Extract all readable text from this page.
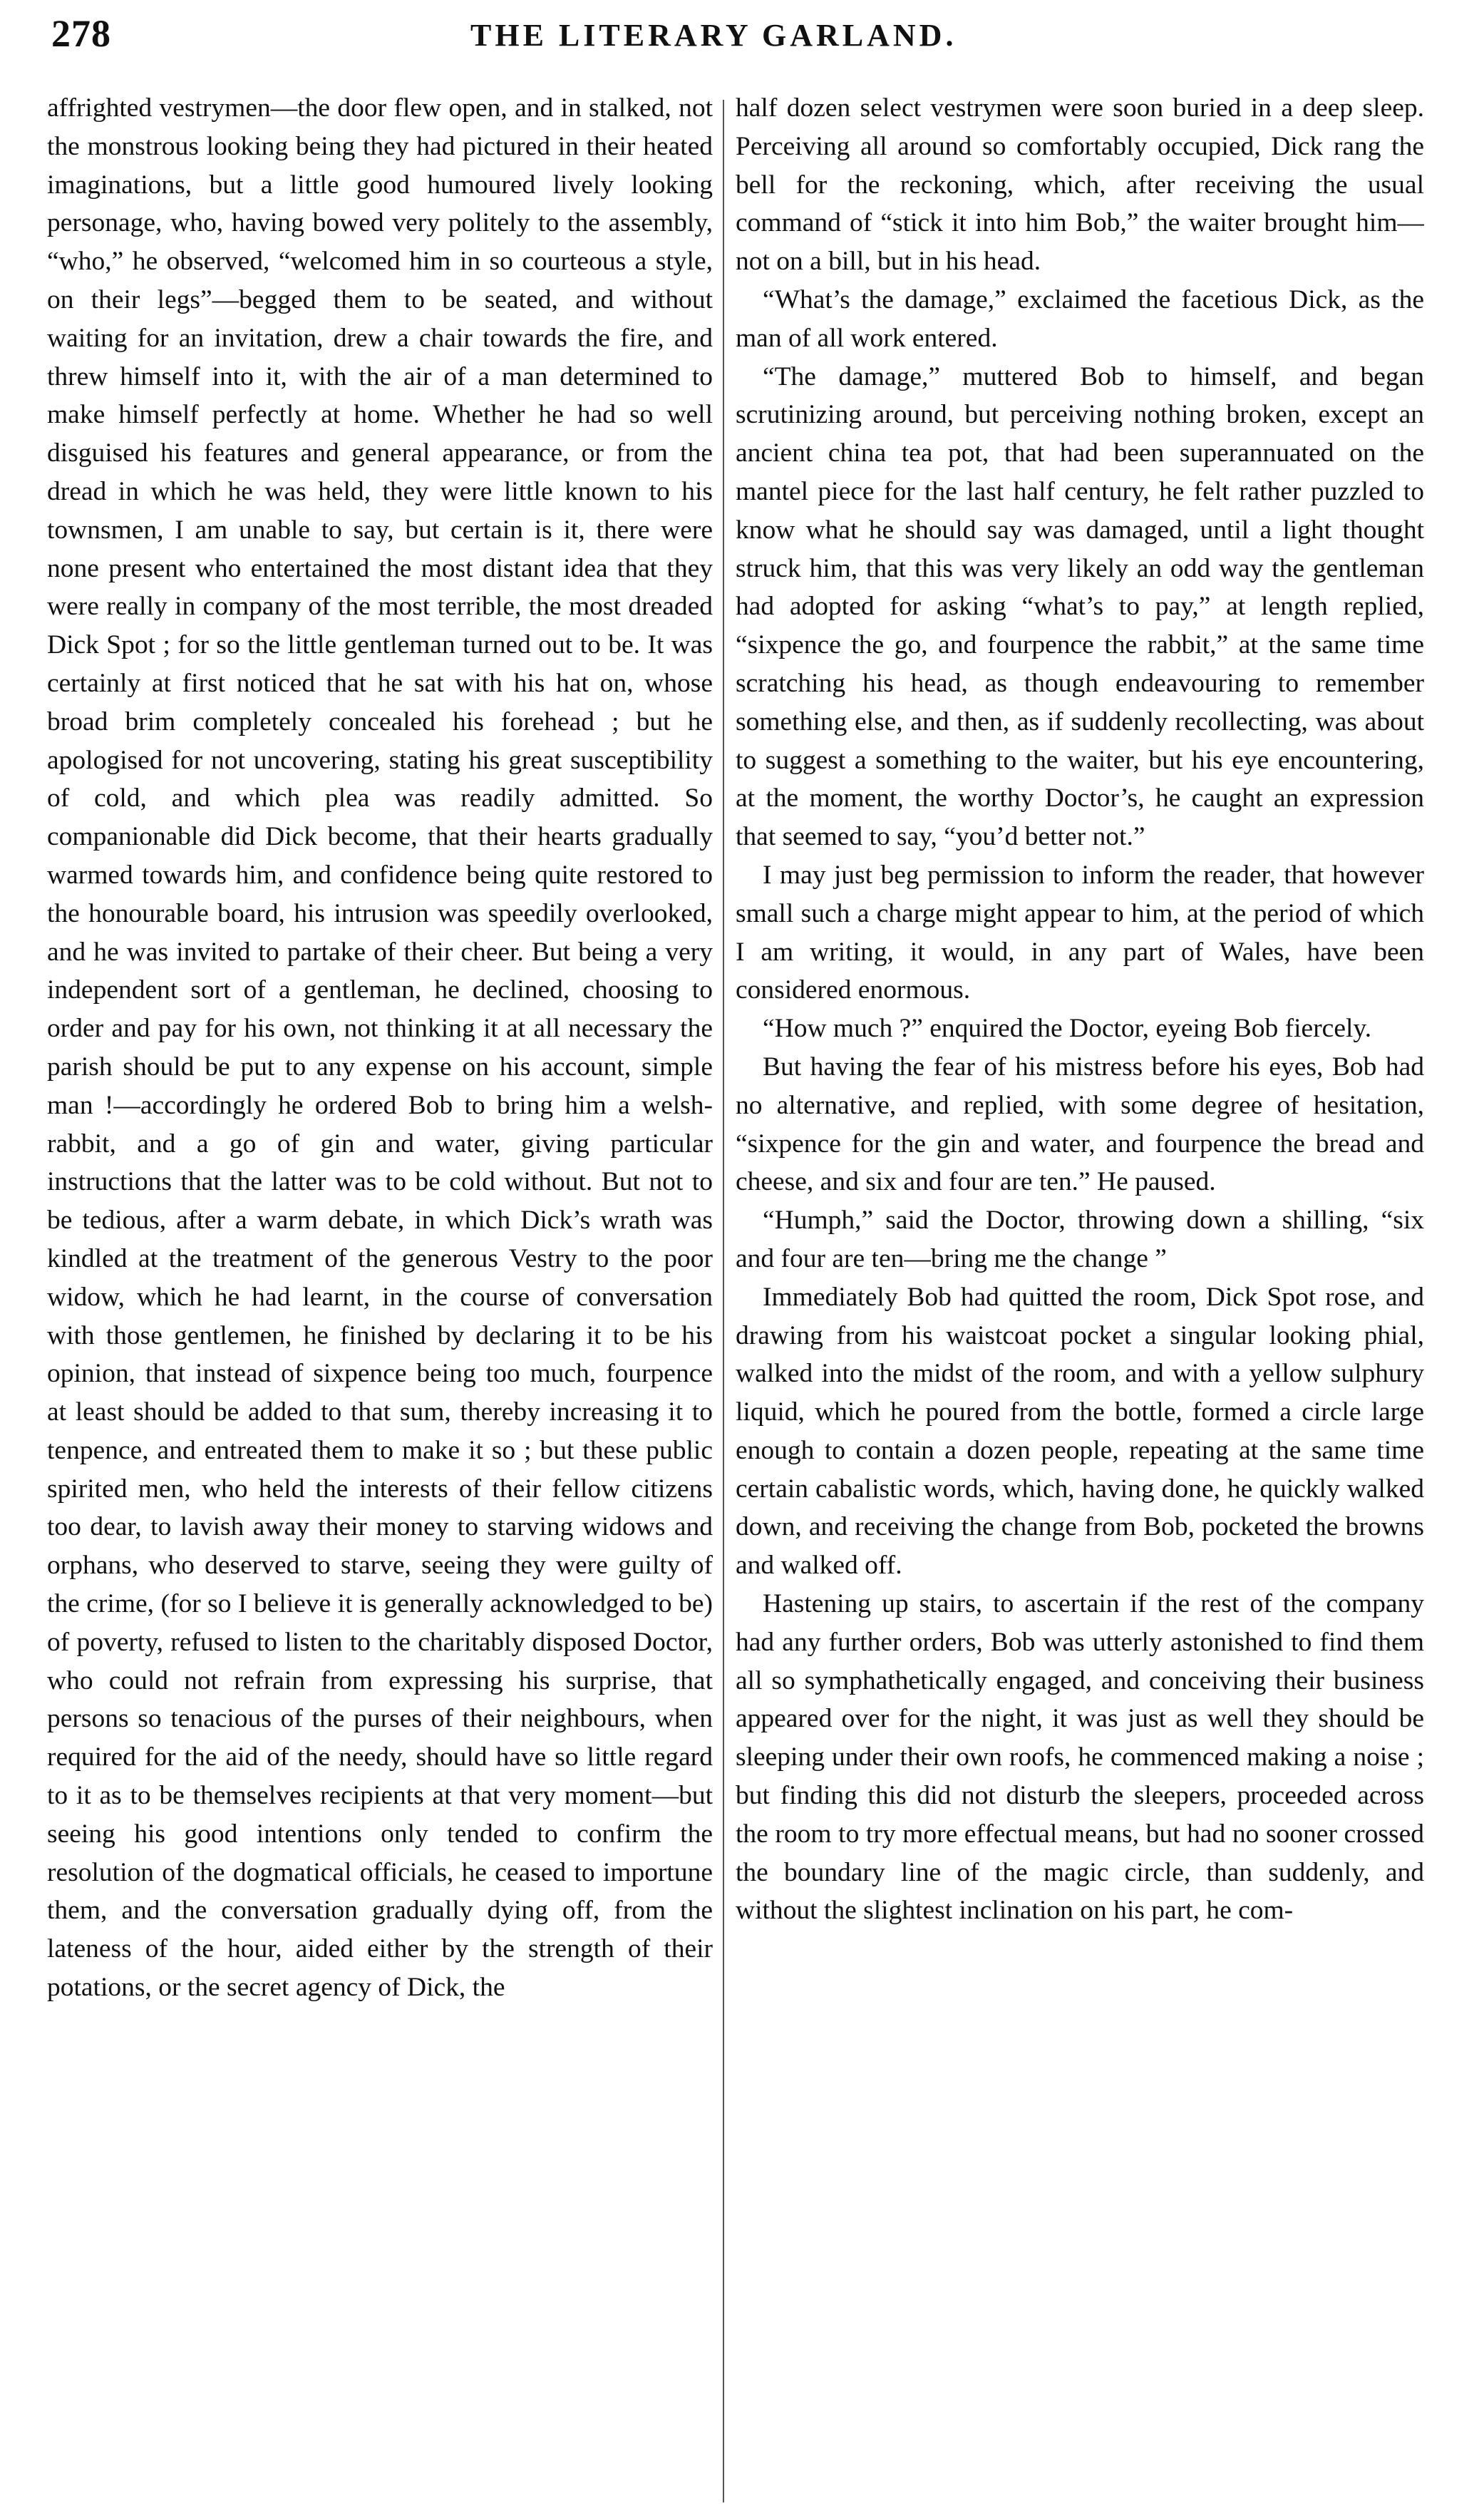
278	THE LITERARY GARLAND.

affrighted vestrymen—the door flew open, and in stalked, not the monstrous looking being they had pictured in their heated imaginations, but a little good humoured lively looking personage, who, having bowed very politely to the assembly, “who,” he observed, “welcomed him in so courteous a style, on their legs”—begged them to be seated, and without waiting for an invitation, drew a chair towards the fire, and threw himself into it, with the air of a man determined to make himself perfectly at home. Whether he had so well disguised his features and general appearance, or from the dread in which he was held, they were little known to his townsmen, I am unable to say, but certain is it, there were none present who entertained the most distant idea that they were really in company of the most terrible, the most dreaded Dick Spot ; for so the little gentleman turned out to be. It was certainly at first noticed that he sat with his hat on, whose broad brim completely concealed his forehead ; but he apologised for not uncovering, stating his great susceptibility of cold, and which plea was readily admitted. So companionable did Dick become, that their hearts gradually warmed towards him, and confidence being quite restored to the honourable board, his intrusion was speedily overlooked, and he was invited to partake of their cheer. But being a very independent sort of a gentleman, he declined, choosing to order and pay for his own, not thinking it at all necessary the parish should be put to any expense on his account, simple man !—accordingly he ordered Bob to bring him a welsh-rabbit, and a go of gin and water, giving particular instructions that the latter was to be cold without. But not to be tedious, after a warm debate, in which Dick’s wrath was kindled at the treatment of the generous Vestry to the poor widow, which he had learnt, in the course of conversation with those gentlemen, he finished by declaring it to be his opinion, that instead of sixpence being too much, fourpence at least should be added to that sum, thereby increasing it to tenpence, and entreated them to make it so ; but these public spirited men, who held the interests of their fellow citizens too dear, to lavish away their money to starving widows and orphans, who deserved to starve, seeing they were guilty of the crime, (for so I believe it is generally acknowledged to be) of poverty, refused to listen to the charitably disposed Doctor, who could not refrain from expressing his surprise, that persons so tenacious of the purses of their neighbours, when required for the aid of the needy, should have so little regard to it as to be themselves recipients at that very moment—but seeing his good intentions only tended to confirm the resolution of the dogmatical officials, he ceased to importune them, and the conversation gradually dying off, from the lateness of the hour, aided either by the strength of their potations, or the secret agency of Dick, the

half dozen select vestrymen were soon buried in a deep sleep. Perceiving all around so comfortably occupied, Dick rang the bell for the reckoning, which, after receiving the usual command of “stick it into him Bob,” the waiter brought him—not on a bill, but in his head.

“What’s the damage,” exclaimed the facetious Dick, as the man of all work entered.

“The damage,” muttered Bob to himself, and began scrutinizing around, but perceiving nothing broken, except an ancient china tea pot, that had been superannuated on the mantel piece for the last half century, he felt rather puzzled to know what he should say was damaged, until a light thought struck him, that this was very likely an odd way the gentleman had adopted for asking “what’s to pay,” at length replied, “sixpence the go, and fourpence the rabbit,” at the same time scratching his head, as though endeavouring to remember something else, and then, as if suddenly recollecting, was about to suggest a something to the waiter, but his eye encountering, at the moment, the worthy Doctor’s, he caught an expression that seemed to say, “you’d better not.”

I may just beg permission to inform the reader, that however small such a charge might appear to him, at the period of which I am writing, it would, in any part of Wales, have been considered enormous.

“How much ?” enquired the Doctor, eyeing Bob fiercely.

But having the fear of his mistress before his eyes, Bob had no alternative, and replied, with some degree of hesitation, “sixpence for the gin and water, and fourpence the bread and cheese, and six and four are ten.” He paused.

“Humph,” said the Doctor, throwing down a shilling, “six and four are ten—bring me the change ”

Immediately Bob had quitted the room, Dick Spot rose, and drawing from his waistcoat pocket a singular looking phial, walked into the midst of the room, and with a yellow sulphury liquid, which he poured from the bottle, formed a circle large enough to contain a dozen people, repeating at the same time certain cabalistic words, which, having done, he quickly walked down, and receiving the change from Bob, pocketed the browns and walked off.

Hastening up stairs, to ascertain if the rest of the company had any further orders, Bob was utterly astonished to find them all so symphathetically engaged, and conceiving their business appeared over for the night, it was just as well they should be sleeping under their own roofs, he commenced making a noise ; but finding this did not disturb the sleepers, proceeded across the room to try more effectual means, but had no sooner crossed the boundary line of the magic circle, than suddenly, and without the slightest inclination on his part, he com-
